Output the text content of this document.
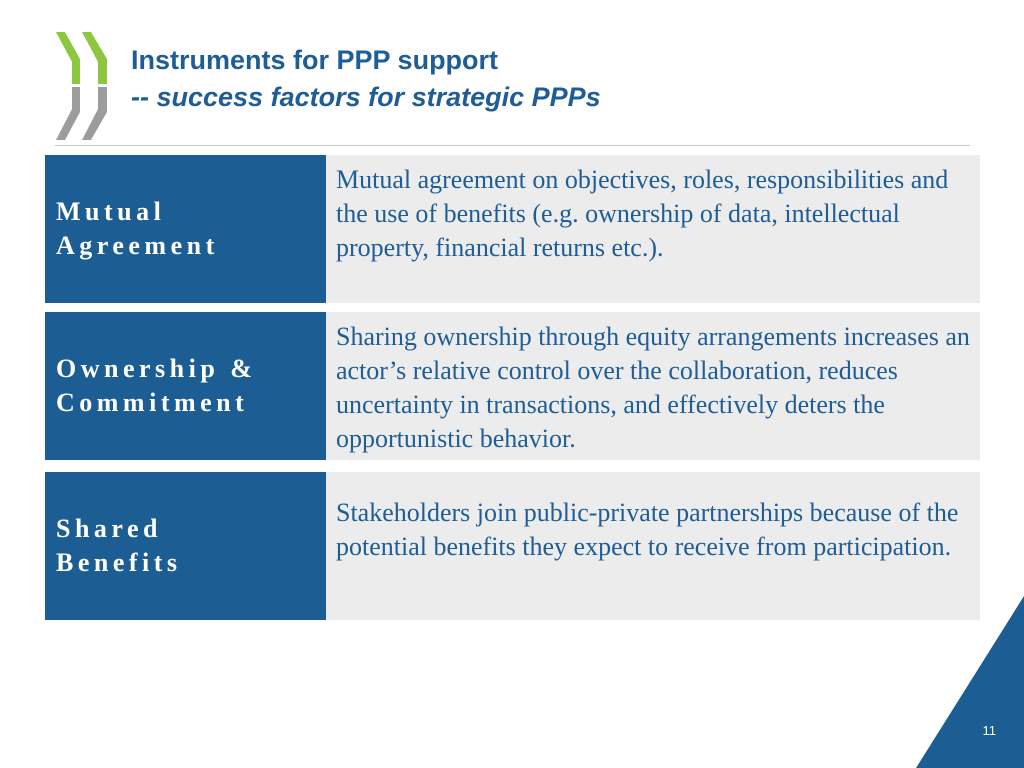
Instruments for PPP support
-- success factors for strategic PPPs
Mutual
Agreement
Mutual agreement on objectives, roles, responsibilities and the use of benefits (e.g. ownership of data, intellectual property, financial returns etc.).
Ownership &
Commitment
Sharing ownership through equity arrangements increases an actor’s relative control over the collaboration, reduces uncertainty in transactions, and effectively deters the opportunistic behavior.
Shared
Benefits
Stakeholders join public-private partnerships because of the potential benefits they expect to receive from participation.
11
